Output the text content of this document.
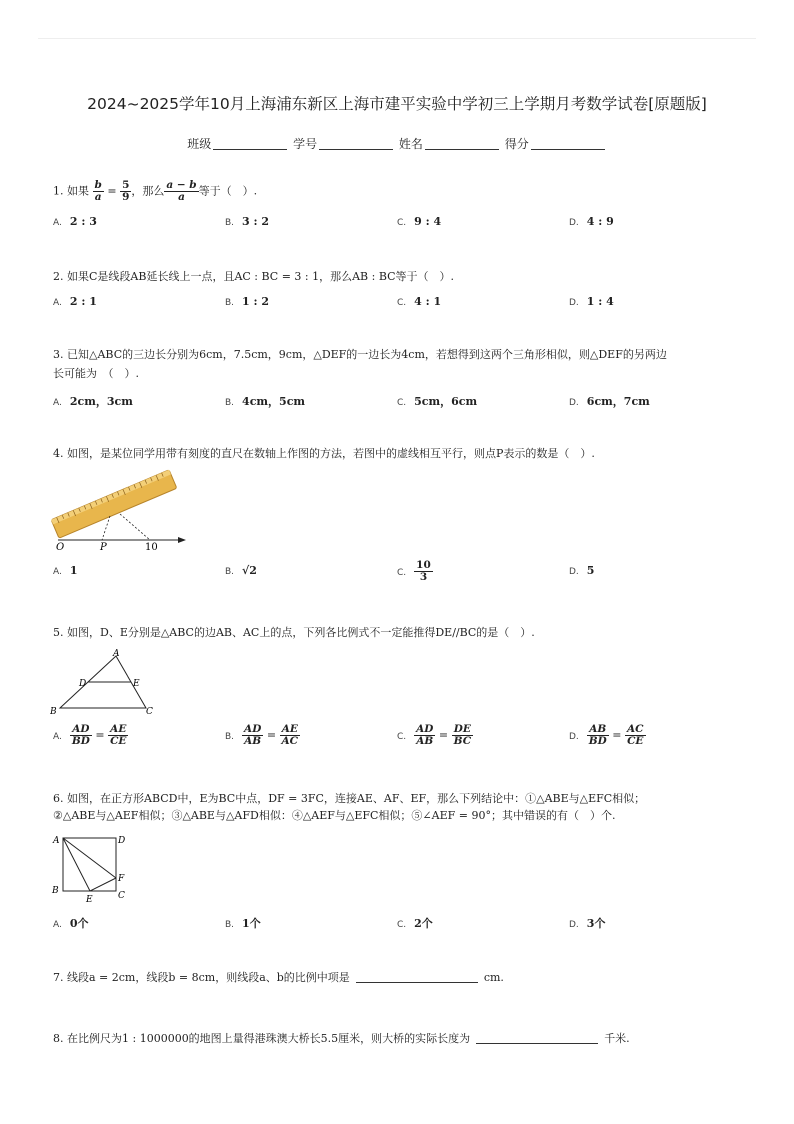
2024~2025学年10月上海浦东新区上海市建平实验中学初三上学期月考数学试卷[原题版]
班级	学号	姓名	得分
1. 如果 $\frac{b}{a} = \frac{5}{9}$ ，那么 $\frac{a - b}{a}$ 等于（　）.
A. 2 : 3	B. 3 : 2	C. 9 : 4	D. 4 : 9
2. 如果C是线段AB延长线上一点，且AC : BC = 3 : 1，那么AB : BC等于（　）.
A. 2 : 1	B. 1 : 2	C. 4 : 1	D. 1 : 4
3. 已知△ABC的三边长分别为6cm，7.5cm，9cm，△DEF的一边长为4cm，若想得到这两个三角形相似，则△DEF的另两边
长可能为　（　）.
A. 2cm，3cm	B. 4cm，5cm	C. 5cm，6cm	D. 6cm，7cm
4. 如图，是某位同学用带有刻度的直尺在数轴上作图的方法，若图中的虚线相互平行，则点P表示的数是（　）.
O	P	10
A. 1	B. √2	C. $\frac{10}{3}$	D. 5
5. 如图，D、E分别是△ABC的边AB、AC上的点，下列各比例式不一定能推得DE//BC的是（　）.
A
B	C
D	E
A. $\frac{AD}{BD} = \frac{AE}{CE}$	B. $\frac{AD}{AB} = \frac{AE}{AC}$	C. $\frac{AD}{AB} = \frac{DE}{BC}$	D. $\frac{AB}{BD} = \frac{AC}{CE}$
6. 如图，在正方形ABCD中，E为BC中点，DF = 3FC，连接AE、AF、EF，那么下列结论中：①△ABE与△EFC相似；
②△ABE与△AEF相似；③△ABE与△AFD相似：④△AEF与△EFC相似；⑤∠AEF = 90°；其中错误的有（　）个.
A	D
B	C
E
F
A. 0个	B. 1个	C. 2个	D. 3个
7. 线段a = 2cm，线段b = 8cm，则线段a、b的比例中项是	cm.
8. 在比例尺为1 : 1000000的地图上量得港珠澳大桥长5.5厘米，则大桥的实际长度为	千米.
